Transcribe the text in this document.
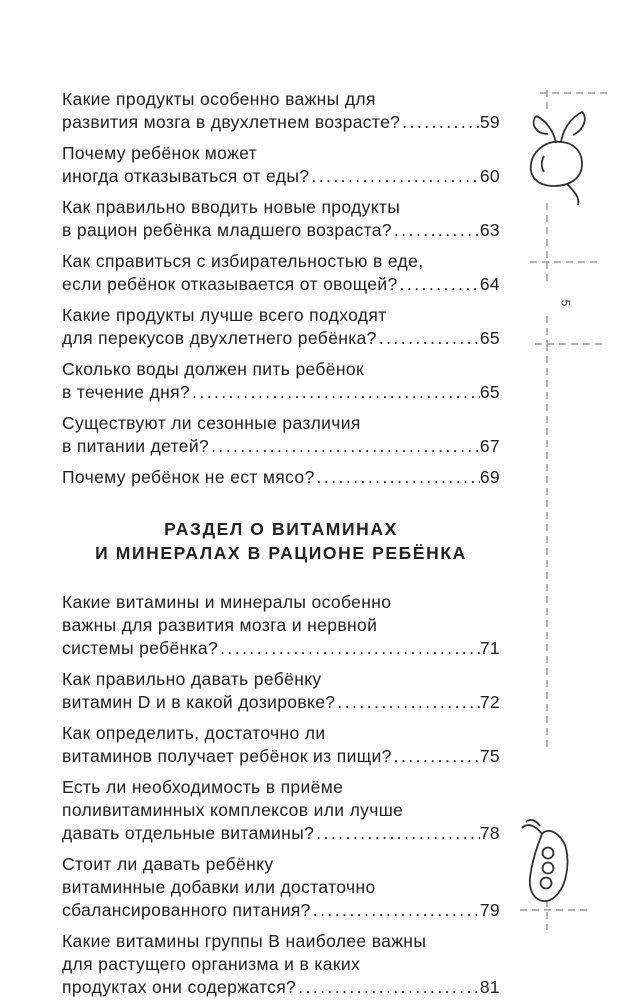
5
Какие продукты особенно важны для
развития мозга в двухлетнем возрасте? . . .	59
Почему ребёнок может
иногда отказываться от еды? . . .	60
Как правильно вводить новые продукты
в рацион ребёнка младшего возраста? . . .	63
Как справиться с избирательностью в еде,
если ребёнок отказывается от овощей? . . .	64
Какие продукты лучше всего подходят
для перекусов двухлетнего ребёнка? . . .	65
Сколько воды должен пить ребёнок
в течение дня? . . .	65
Существуют ли сезонные различия
в питании детей? . . .	67
Почему ребёнок не ест мясо? . . .	69
РАЗДЕЛ О ВИТАМИНАХ
И МИНЕРАЛАХ В РАЦИОНЕ РЕБЁНКА
Какие витамины и минералы особенно
важны для развития мозга и нервной
системы ребёнка? . . .	71
Как правильно давать ребёнку
витамин D и в какой дозировке? . . .	72
Как определить, достаточно ли
витаминов получает ребёнок из пищи? . . .	75
Есть ли необходимость в приёме
поливитаминных комплексов или лучше
давать отдельные витамины? . . .	78
Стоит ли давать ребёнку
витаминные добавки или достаточно
сбалансированного питания? . . .	79
Какие витамины группы B наиболее важны
для растущего организма и в каких
продуктах они содержатся? . . .	81
